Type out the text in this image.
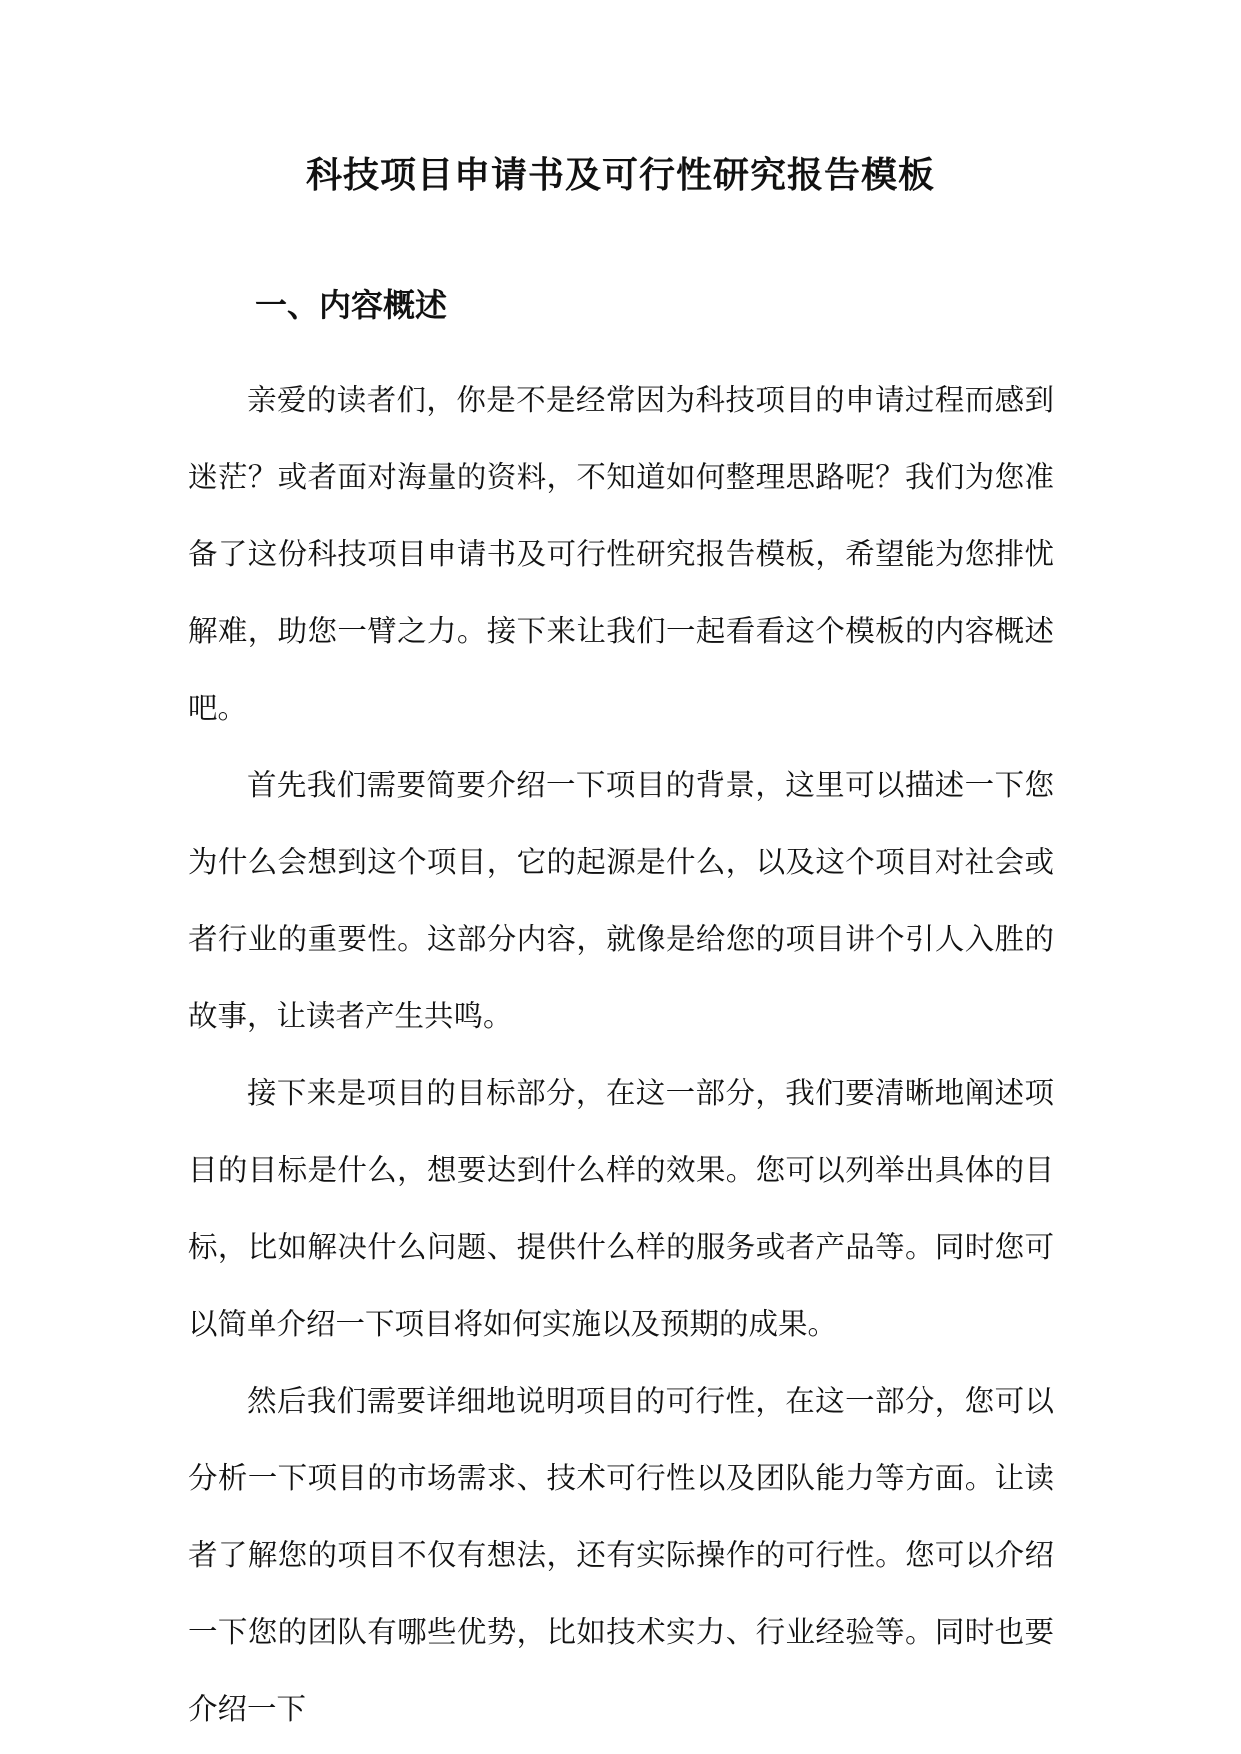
科技项目申请书及可行性研究报告模板
一、内容概述

亲爱的读者们，你是不是经常因为科技项目的申请过程而感到迷茫？或者面对海量的资料，不知道如何整理思路呢？我们为您准备了这份科技项目申请书及可行性研究报告模板，希望能为您排忧解难，助您一臂之力。接下来让我们一起看看这个模板的内容概述吧。

首先我们需要简要介绍一下项目的背景，这里可以描述一下您为什么会想到这个项目，它的起源是什么，以及这个项目对社会或者行业的重要性。这部分内容，就像是给您的项目讲个引人入胜的故事，让读者产生共鸣。

接下来是项目的目标部分，在这一部分，我们要清晰地阐述项目的目标是什么，想要达到什么样的效果。您可以列举出具体的目标，比如解决什么问题、提供什么样的服务或者产品等。同时您可以简单介绍一下项目将如何实施以及预期的成果。

然后我们需要详细地说明项目的可行性，在这一部分，您可以分析一下项目的市场需求、技术可行性以及团队能力等方面。让读者了解您的项目不仅有想法，还有实际操作的可行性。您可以介绍一下您的团队有哪些优势，比如技术实力、行业经验等。同时也要介绍一下
